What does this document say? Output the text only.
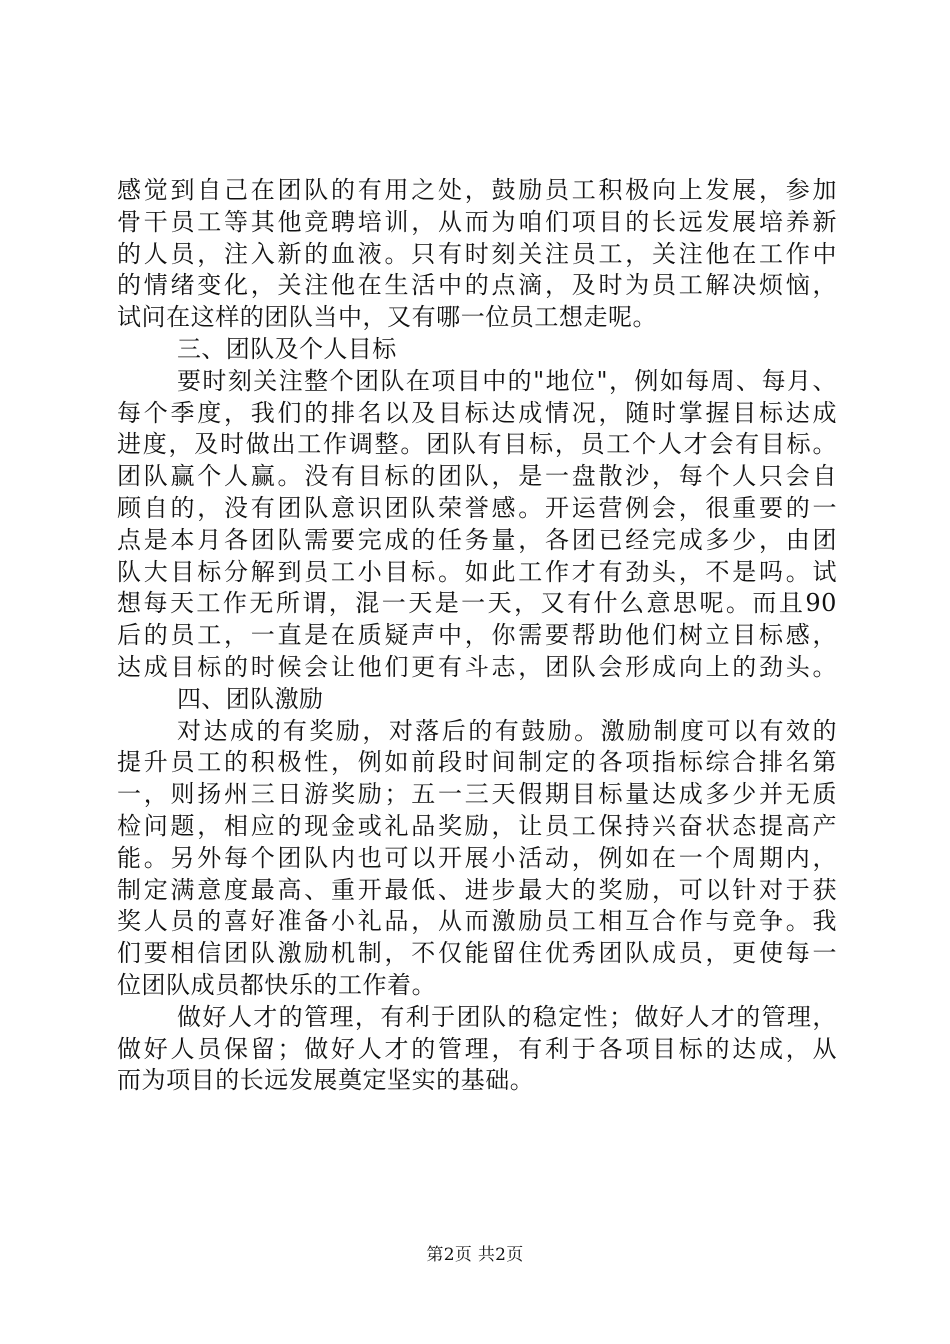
感觉到自己在团队的有用之处，鼓励员工积极向上发展，参加
骨干员工等其他竞聘培训，从而为咱们项目的长远发展培养新
的人员，注入新的血液。只有时刻关注员工，关注他在工作中
的情绪变化，关注他在生活中的点滴，及时为员工解决烦恼，
试问在这样的团队当中，又有哪一位员工想走呢。
三、团队及个人目标
要时刻关注整个团队在项目中的"地位"，例如每周、每月、
每个季度，我们的排名以及目标达成情况，随时掌握目标达成
进度，及时做出工作调整。团队有目标，员工个人才会有目标。
团队赢个人赢。没有目标的团队，是一盘散沙，每个人只会自
顾自的，没有团队意识团队荣誉感。开运营例会，很重要的一
点是本月各团队需要完成的任务量，各团已经完成多少，由团
队大目标分解到员工小目标。如此工作才有劲头，不是吗。试
想每天工作无所谓，混一天是一天，又有什么意思呢。而且90
后的员工，一直是在质疑声中，你需要帮助他们树立目标感，
达成目标的时候会让他们更有斗志，团队会形成向上的劲头。
四、团队激励
对达成的有奖励，对落后的有鼓励。激励制度可以有效的
提升员工的积极性，例如前段时间制定的各项指标综合排名第
一，则扬州三日游奖励；五一三天假期目标量达成多少并无质
检问题，相应的现金或礼品奖励，让员工保持兴奋状态提高产
能。另外每个团队内也可以开展小活动，例如在一个周期内，
制定满意度最高、重开最低、进步最大的奖励，可以针对于获
奖人员的喜好准备小礼品，从而激励员工相互合作与竞争。我
们要相信团队激励机制，不仅能留住优秀团队成员，更使每一
位团队成员都快乐的工作着。
做好人才的管理，有利于团队的稳定性；做好人才的管理，
做好人员保留；做好人才的管理，有利于各项目标的达成，从
而为项目的长远发展奠定坚实的基础。
第2页 共2页
